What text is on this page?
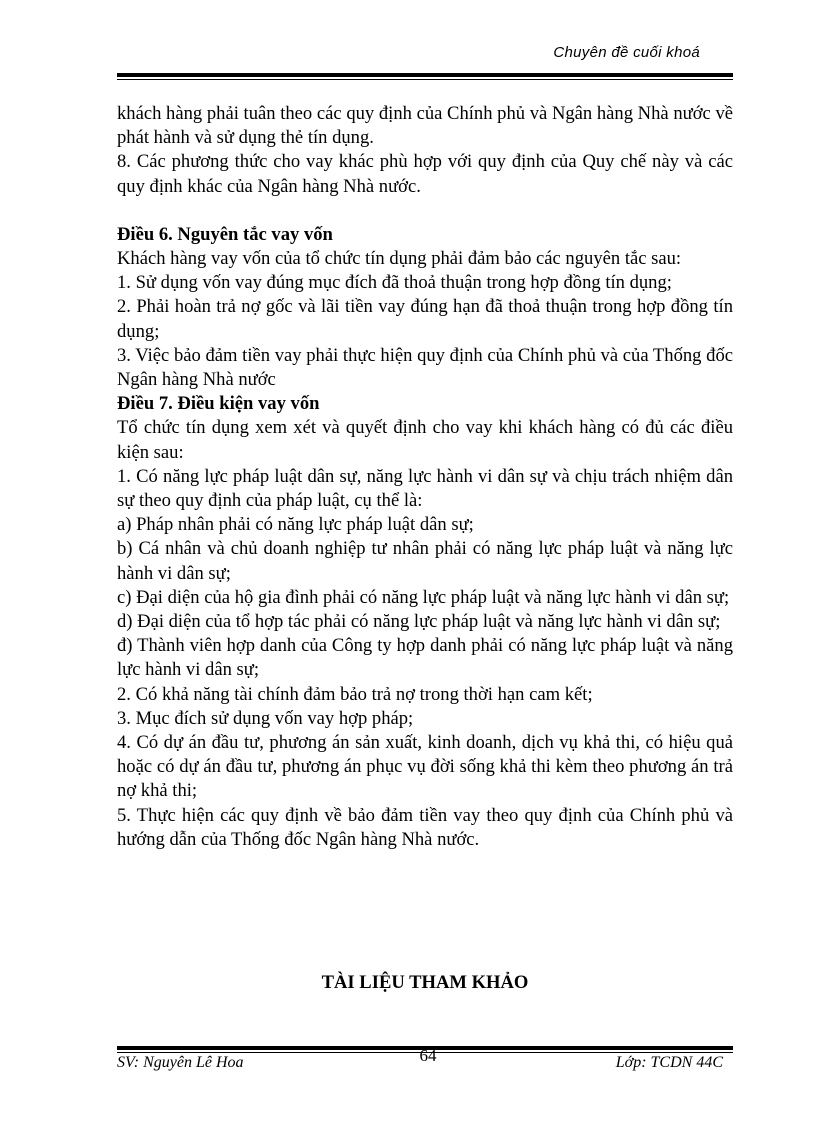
Chuyên đề cuối khoá

khách hàng phải tuân theo các quy định của Chính phủ và Ngân hàng Nhà nước về phát hành và sử dụng thẻ tín dụng.

8. Các phương thức cho vay khác phù hợp với quy định của Quy chế này và các quy định khác của Ngân hàng Nhà nước.

Điều 6. Nguyên tắc vay vốn

Khách hàng vay vốn của tổ chức tín dụng phải đảm bảo các nguyên tắc sau:

1. Sử dụng vốn vay đúng mục đích đã thoả thuận trong hợp đồng tín dụng;

2. Phải hoàn trả nợ gốc và lãi tiền vay đúng hạn đã thoả thuận trong hợp đồng tín dụng;

3. Việc bảo đảm tiền vay phải thực hiện quy định của Chính phủ và của Thống đốc Ngân hàng Nhà nước

Điều 7. Điều kiện vay vốn

Tổ chức tín dụng xem xét và quyết định cho vay khi khách hàng có đủ các điều kiện sau:

1. Có năng lực pháp luật dân sự, năng lực hành vi dân sự và chịu trách nhiệm dân sự theo quy định của pháp luật, cụ thể là:

a) Pháp nhân phải có năng lực pháp luật dân sự;

b) Cá nhân và chủ doanh nghiệp tư nhân phải có năng lực pháp luật và năng lực hành vi dân sự;

c) Đại diện của hộ gia đình phải có năng lực pháp luật và năng lực hành vi dân sự;

d) Đại diện của tổ hợp tác phải có năng lực pháp luật và năng lực hành vi dân sự;

đ) Thành viên hợp danh của Công ty hợp danh phải có năng lực pháp luật và năng lực hành vi dân sự;

2. Có khả năng tài chính đảm bảo trả nợ trong thời hạn cam kết;

3. Mục đích sử dụng vốn vay hợp pháp;

4. Có dự án đầu tư, phương án sản xuất, kinh doanh, dịch vụ khả thi, có hiệu quả hoặc có dự án đầu tư, phương án phục vụ đời sống khả thi kèm theo phương án trả nợ khả thi;

5. Thực hiện các quy định về bảo đảm tiền vay theo quy định của Chính phủ và hướng dẫn của Thống đốc Ngân hàng Nhà nước.

TÀI LIỆU THAM KHẢO
SV: Nguyên Lê Hoa	64	Lớp: TCDN 44C
